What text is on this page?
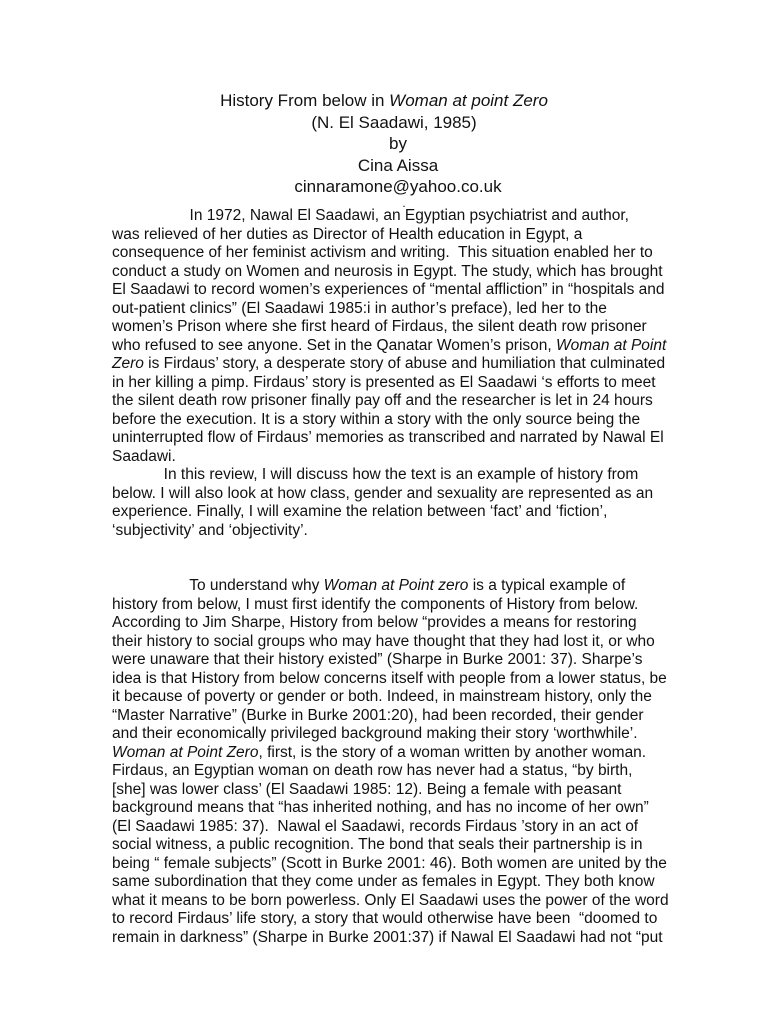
History From below in Woman at point Zero
(N. El Saadawi, 1985)
by
Cina Aissa
cinnaramone@yahoo.co.uk
.
In 1972, Nawal El Saadawi, an Egyptian psychiatrist and author,
was relieved of her duties as Director of Health education in Egypt, a
consequence of her feminist activism and writing.  This situation enabled her to
conduct a study on Women and neurosis in Egypt. The study, which has brought
El Saadawi to record women’s experiences of “mental affliction” in “hospitals and
out-patient clinics” (El Saadawi 1985:i in author’s preface), led her to the
women’s Prison where she first heard of Firdaus, the silent death row prisoner
who refused to see anyone. Set in the Qanatar Women’s prison, Woman at Point
Zero is Firdaus’ story, a desperate story of abuse and humiliation that culminated
in her killing a pimp. Firdaus’ story is presented as El Saadawi ‘s efforts to meet
the silent death row prisoner finally pay off and the researcher is let in 24 hours
before the execution. It is a story within a story with the only source being the
uninterrupted flow of Firdaus’ memories as transcribed and narrated by Nawal El
Saadawi.
In this review, I will discuss how the text is an example of history from
below. I will also look at how class, gender and sexuality are represented as an
experience. Finally, I will examine the relation between ‘fact’ and ‘fiction’,
‘subjectivity’ and ‘objectivity’.
To understand why Woman at Point zero is a typical example of
history from below, I must first identify the components of History from below.
According to Jim Sharpe, History from below “provides a means for restoring
their history to social groups who may have thought that they had lost it, or who
were unaware that their history existed” (Sharpe in Burke 2001: 37). Sharpe’s
idea is that History from below concerns itself with people from a lower status, be
it because of poverty or gender or both. Indeed, in mainstream history, only the
“Master Narrative” (Burke in Burke 2001:20), had been recorded, their gender
and their economically privileged background making their story ‘worthwhile’.
Woman at Point Zero, first, is the story of a woman written by another woman.
Firdaus, an Egyptian woman on death row has never had a status, “by birth,
[she] was lower class’ (El Saadawi 1985: 12). Being a female with peasant
background means that “has inherited nothing, and has no income of her own”
(El Saadawi 1985: 37).  Nawal el Saadawi, records Firdaus ’story in an act of
social witness, a public recognition. The bond that seals their partnership is in
being “ female subjects” (Scott in Burke 2001: 46). Both women are united by the
same subordination that they come under as females in Egypt. They both know
what it means to be born powerless. Only El Saadawi uses the power of the word
to record Firdaus’ life story, a story that would otherwise have been  “doomed to
remain in darkness” (Sharpe in Burke 2001:37) if Nawal El Saadawi had not “put
